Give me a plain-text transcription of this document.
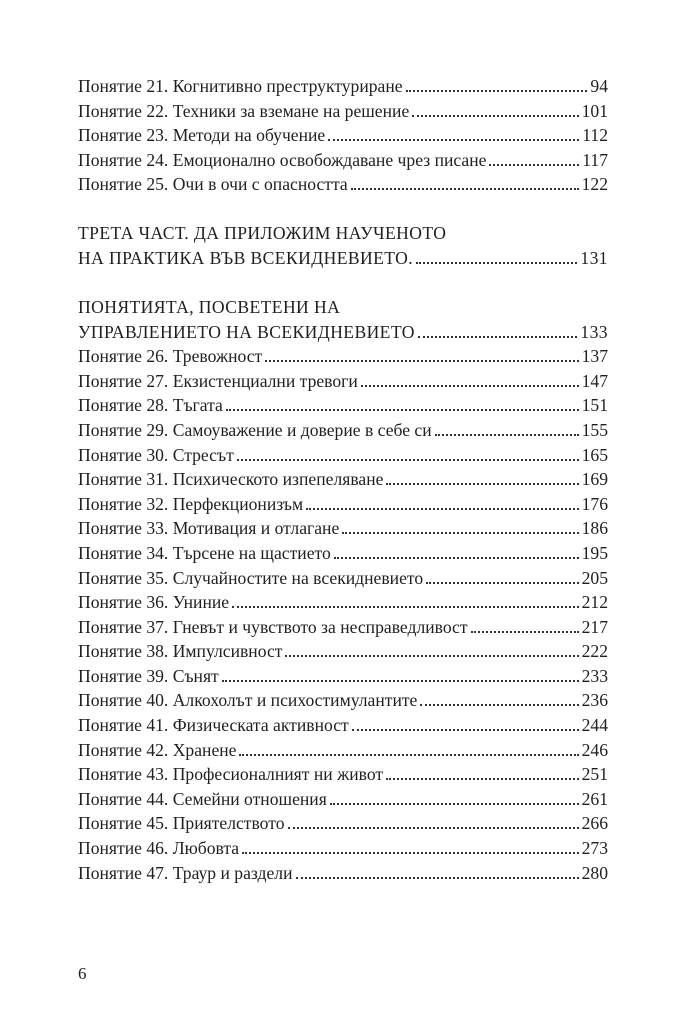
Понятие 21. Когнитивно преструктуриране	94
Понятие 22. Техники за вземане на решение	101
Понятие 23. Методи на обучение	112
Понятие 24. Емоционално освобождаване чрез писане	117
Понятие 25. Очи в очи с опасността	122
ТРЕТА ЧАСТ. ДА ПРИЛОЖИМ НАУЧЕНОТО
НА ПРАКТИКА ВЪВ ВСЕКИДНЕВИЕТО.	131
ПОНЯТИЯТА, ПОСВЕТЕНИ НА
УПРАВЛЕНИЕТО НА ВСЕКИДНЕВИЕТО	133
Понятие 26. Тревожност	137
Понятие 27. Екзистенциални тревоги	147
Понятие 28. Тъгата	151
Понятие 29. Самоуважение и доверие в себе си	155
Понятие 30. Стресът	165
Понятие 31. Психическото изпепеляване	169
Понятие 32. Перфекционизъм	176
Понятие 33. Мотивация и отлагане	186
Понятие 34. Търсене на щастието	195
Понятие 35. Случайностите на всекидневието	205
Понятие 36. Униние	212
Понятие 37. Гневът и чувството за несправедливост	217
Понятие 38. Импулсивност	222
Понятие 39. Сънят	233
Понятие 40. Алкохолът и психостимулантите	236
Понятие 41. Физическата активност	244
Понятие 42. Хранене	246
Понятие 43. Професионалният ни живот	251
Понятие 44. Семейни отношения	261
Понятие 45. Приятелството	266
Понятие 46. Любовта	273
Понятие 47. Траур и раздели	280
6
